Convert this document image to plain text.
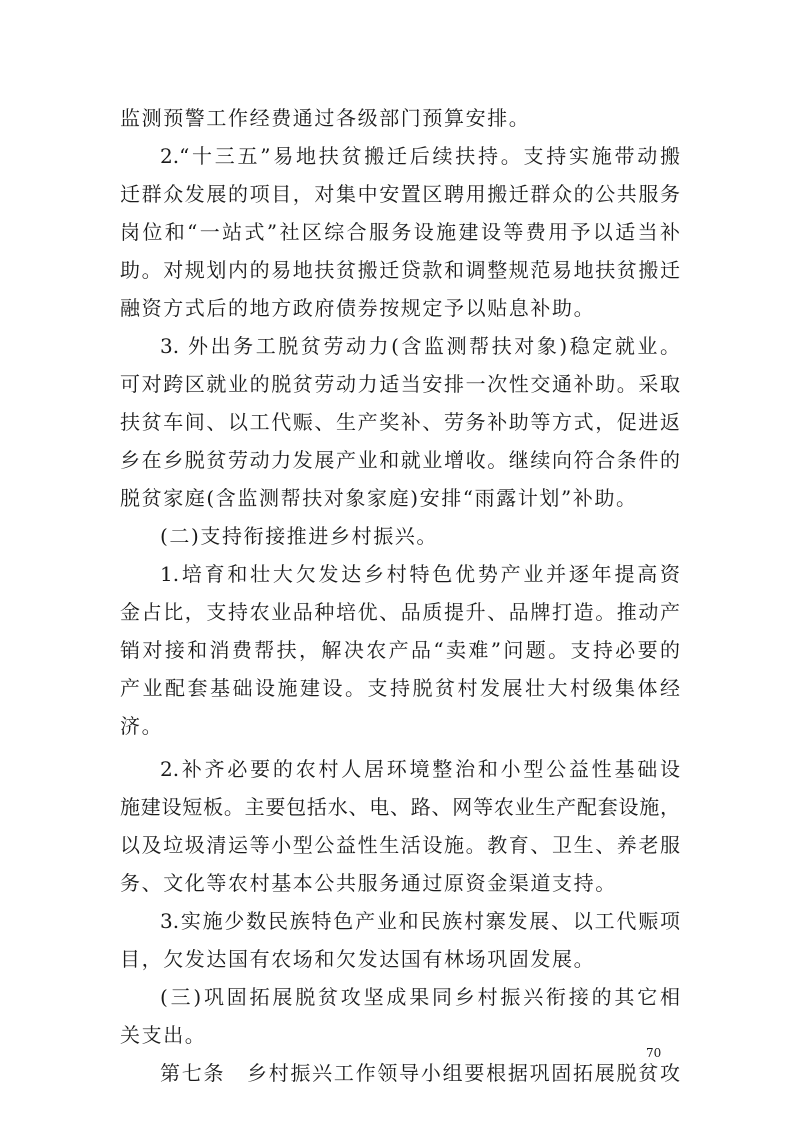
监测预警工作经费通过各级部门预算安排。
2.“十三五”易地扶贫搬迁后续扶持。支持实施带动搬
迁群众发展的项目，对集中安置区聘用搬迁群众的公共服务
岗位和“一站式”社区综合服务设施建设等费用予以适当补
助。对规划内的易地扶贫搬迁贷款和调整规范易地扶贫搬迁
融资方式后的地方政府债券按规定予以贴息补助。
3. 外出务工脱贫劳动力(含监测帮扶对象)稳定就业。
可对跨区就业的脱贫劳动力适当安排一次性交通补助。采取
扶贫车间、以工代赈、生产奖补、劳务补助等方式，促进返
乡在乡脱贫劳动力发展产业和就业增收。继续向符合条件的
脱贫家庭(含监测帮扶对象家庭)安排“雨露计划”补助。
(二)支持衔接推进乡村振兴。
1.培育和壮大欠发达乡村特色优势产业并逐年提高资
金占比，支持农业品种培优、品质提升、品牌打造。推动产
销对接和消费帮扶，解决农产品“卖难”问题。支持必要的
产业配套基础设施建设。支持脱贫村发展壮大村级集体经
济。
2.补齐必要的农村人居环境整治和小型公益性基础设
施建设短板。主要包括水、电、路、网等农业生产配套设施，
以及垃圾清运等小型公益性生活设施。教育、卫生、养老服
务、文化等农村基本公共服务通过原资金渠道支持。
3.实施少数民族特色产业和民族村寨发展、以工代赈项
目，欠发达国有农场和欠发达国有林场巩固发展。
(三)巩固拓展脱贫攻坚成果同乡村振兴衔接的其它相
关支出。
第七条　乡村振兴工作领导小组要根据巩固拓展脱贫攻
70
